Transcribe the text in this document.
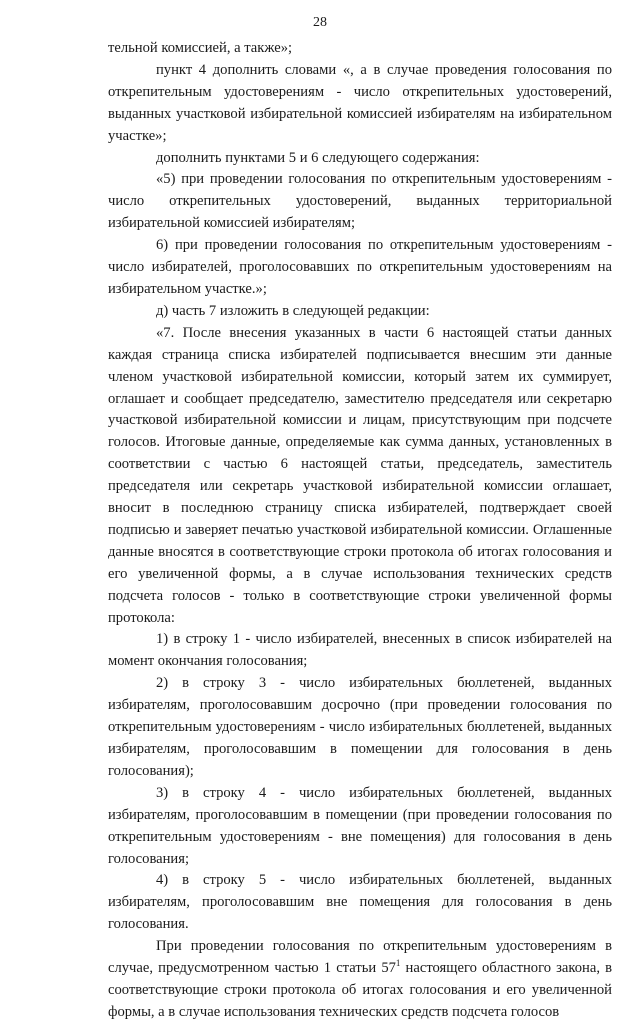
28

тельной комиссией, а также»;

пункт 4 дополнить словами «, а в случае проведения голосования по открепительным удостоверениям - число открепительных удостоверений, выданных участковой избирательной комиссией избирателям на избирательном участке»;

дополнить пунктами 5 и 6 следующего содержания:

«5) при проведении голосования по открепительным удостоверениям - число открепительных удостоверений, выданных территориальной избирательной комиссией избирателям;

6) при проведении голосования по открепительным удостоверениям - число избирателей, проголосовавших по открепительным удостоверениям на избирательном участке.»;

д) часть 7 изложить в следующей редакции:

«7. После внесения указанных в части 6 настоящей статьи данных каждая страница списка избирателей подписывается внесшим эти данные членом участковой избирательной комиссии, который затем их суммирует, оглашает и сообщает председателю, заместителю председателя или секретарю участковой избирательной комиссии и лицам, присутствующим при подсчете голосов. Итоговые данные, определяемые как сумма данных, установленных в соответствии с частью 6 настоящей статьи, председатель, заместитель председателя или секретарь участковой избирательной комиссии оглашает, вносит в последнюю страницу списка избирателей, подтверждает своей подписью и заверяет печатью участковой избирательной комиссии. Оглашенные данные вносятся в соответствующие строки протокола об итогах голосования и его увеличенной формы, а в случае использования технических средств подсчета голосов - только в соответствующие строки увеличенной формы протокола:

1) в строку 1 - число избирателей, внесенных в список избирателей на момент окончания голосования;

2) в строку 3 - число избирательных бюллетеней, выданных избирателям, проголосовавшим досрочно (при проведении голосования по открепительным удостоверениям - число избирательных бюллетеней, выданных избирателям, проголосовавшим в помещении для голосования в день голосования);

3) в строку 4 - число избирательных бюллетеней, выданных избирателям, проголосовавшим в помещении (при проведении голосования по открепительным удостоверениям - вне помещения) для голосования в день голосования;

4) в строку 5 - число избирательных бюллетеней, выданных избирателям, проголосовавшим вне помещения для голосования в день голосования.

При проведении голосования по открепительным удостоверениям в случае, предусмотренном частью 1 статьи $57^1$ настоящего областного закона, в соответствующие строки протокола об итогах голосования и его увеличенной формы, а в случае использования технических средств подсчета голосов
